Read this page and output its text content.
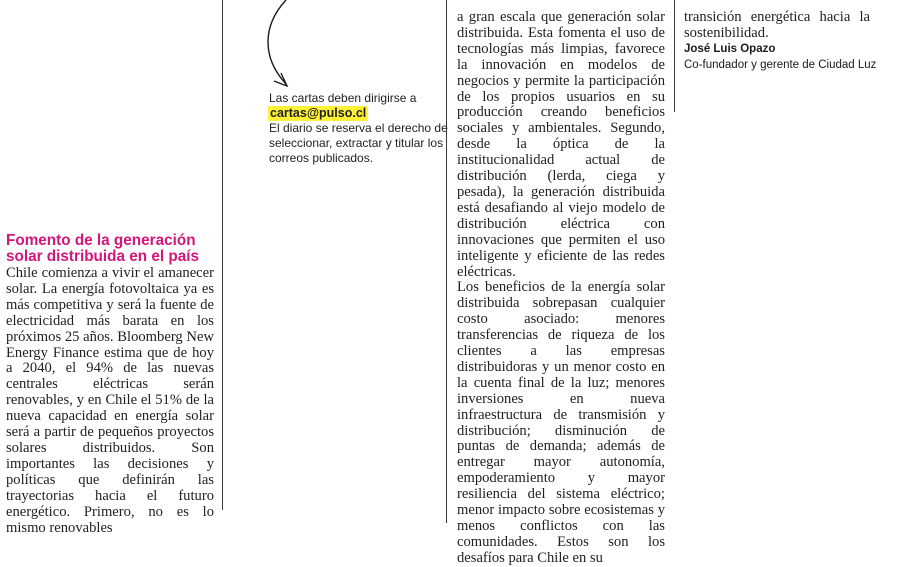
Fomento de la generación
solar distribuida en el país

Chile comienza a vivir el amanecer solar. La energía fotovoltaica ya es más competitiva y será la fuente de electricidad más barata en los próximos 25 años. Bloomberg New Energy Finance estima que de hoy a 2040, el 94% de las nuevas centrales eléctricas serán renovables, y en Chile el 51% de la nueva capacidad en energía solar será a partir de pequeños proyectos solares distribuidos. Son importantes las decisiones y políticas que definirán las trayectorias hacia el futuro energético. Primero, no es lo mismo renovables

Las cartas deben dirigirse a
cartas@pulso.cl
El diario se reserva el derecho de seleccionar, extractar y titular los correos publicados.

a gran escala que generación solar distribuida. Esta fomenta el uso de tecnologías más limpias, favorece la innovación en modelos de negocios y permite la participación de los propios usuarios en su producción creando beneficios sociales y ambientales. Segundo, desde la óptica de la institucionalidad actual de distribución (lerda, ciega y pesada), la generación distribuida está desafiando al viejo modelo de distribución eléctrica con innovaciones que permiten el uso inteligente y eficiente de las redes eléctricas.

Los beneficios de la energía solar distribuida sobrepasan cualquier costo asociado: menores transferencias de riqueza de los clientes a las empresas distribuidoras y un menor costo en la cuenta final de la luz; menores inversiones en nueva infraestructura de transmisión y distribución; disminución de puntas de demanda; además de entregar mayor autonomía, empoderamiento y mayor resiliencia del sistema eléctrico; menor impacto sobre ecosistemas y menos conflictos con las comunidades. Estos son los desafíos para Chile en su

transición energética hacia la sostenibilidad.

José Luis Opazo
Co-fundador y gerente de Ciudad Luz
